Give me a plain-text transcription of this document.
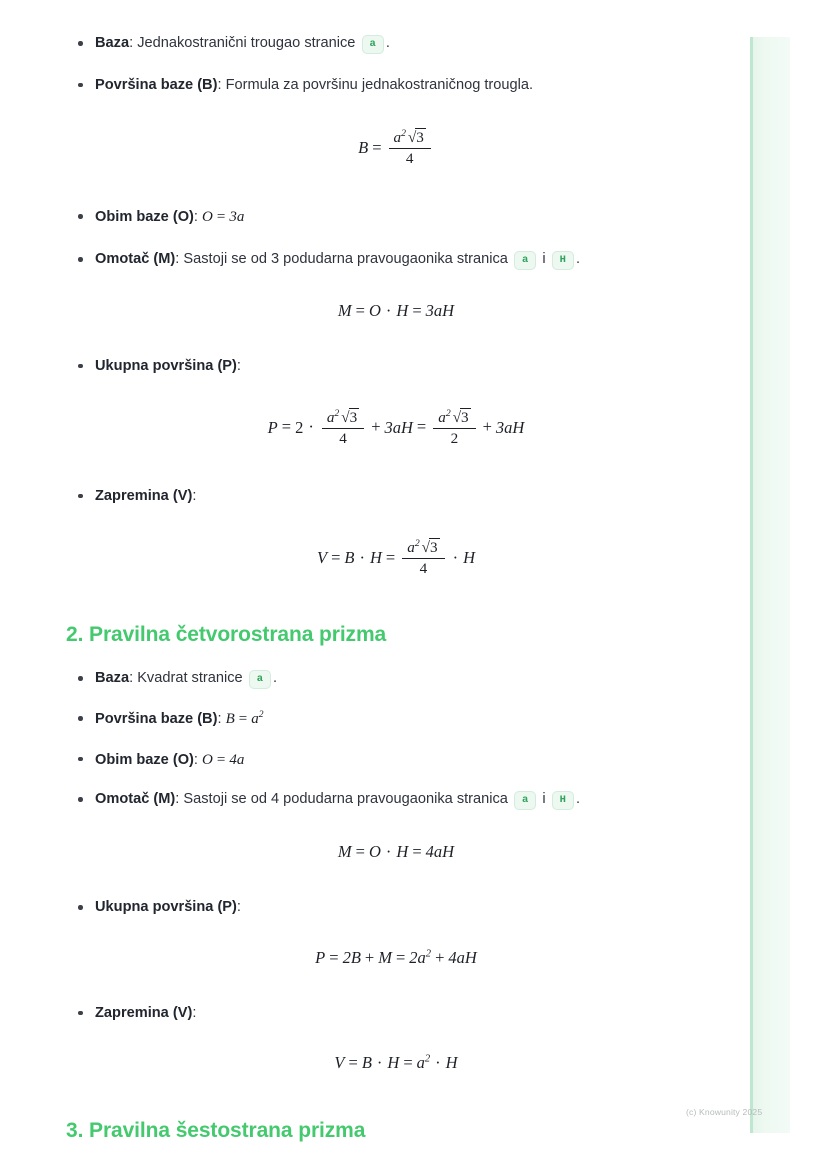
Baza: Jednakostranični trougao stranice a .
Površina baze (B): Formula za površinu jednakostraničnog trougla.
$B = \frac{a^2 √3}{4}$
Obim baze (O): O = 3a
Omotač (M): Sastoji se od 3 podudarna pravougaonika stranica a i H .
M = O · H = 3aH
Ukupna površina (P):
$P = 2 \cdot \frac{a^2 √3}{4} + 3aH = \frac{a^2 √3}{2} + 3aH$
Zapremina (V):
$V = B \cdot H = \frac{a^2 √3}{4} \cdot H$
2. Pravilna četvorostrana prizma
Baza: Kvadrat stranice a .
Površina baze (B): $B = a^2$
Obim baze (O): O = 4a
Omotač (M): Sastoji se od 4 podudarna pravougaonika stranica a i H .
M = O · H = 4aH
Ukupna površina (P):
$P = 2B + M = 2a^2 + 4aH$
Zapremina (V):
$V = B \cdot H = a^2 \cdot H$
3. Pravilna šestostrana prizma
(c) Knowunity 2025
